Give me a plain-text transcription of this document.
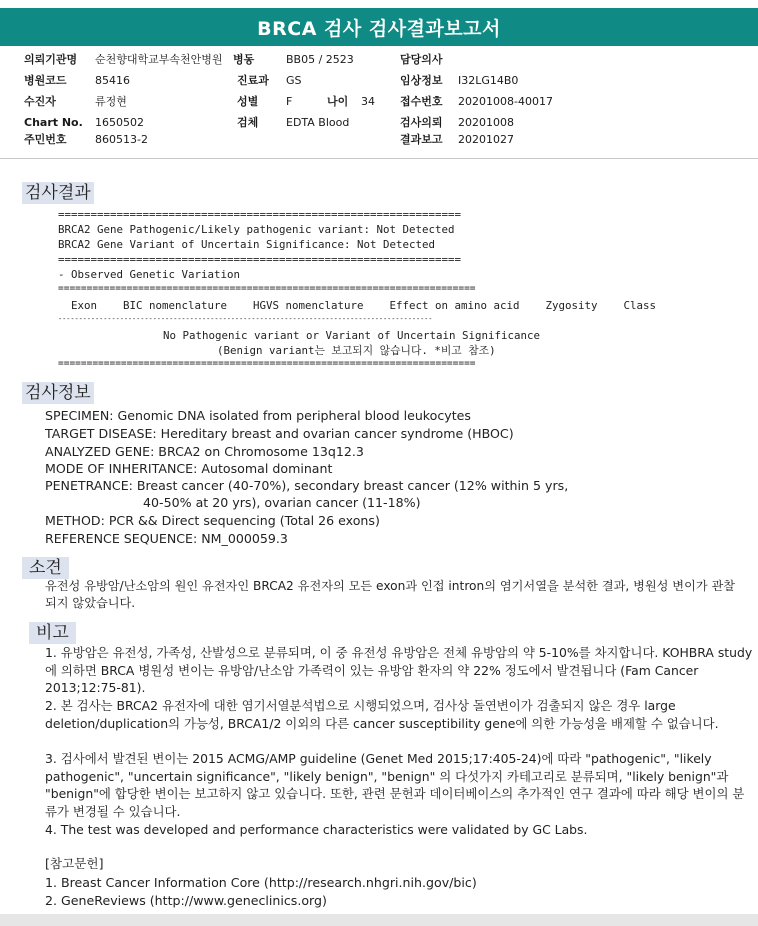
BRCA 검사 검사결과보고서
의뢰기관명 순천향대학교부속천안병원 병동	BB05 / 2523	담당의사
병원코드	85416	진료과 GS	임상정보 I32LG14B0
수진자	류정현	성별	F	나이 34 접수번호 20201008-40017
Chart No. 1650502	검체	EDTA Blood	검사의뢰 20201008
주민번호	860513-2	결과보고 20201027
검사결과
==============================================================
BRCA2 Gene Pathogenic/Likely pathogenic variant: Not Detected
BRCA2 Gene Variant of Uncertain Significance: Not Detected
==============================================================
- Observed Genetic Variation
=========================================================================
Exon    BIC nomenclature    HGVS nomenclature    Effect on amino acid    Zygosity    Class
-------------------------------------------------------------------------------------------
No Pathogenic variant or Variant of Uncertain Significance
(Benign variant는 보고되지 않습니다. *비고 참조)
=========================================================================
검사정보
SPECIMEN: Genomic DNA isolated from peripheral blood leukocytes
TARGET DISEASE: Hereditary breast and ovarian cancer syndrome (HBOC)
ANALYZED GENE: BRCA2 on Chromosome 13q12.3
MODE OF INHERITANCE: Autosomal dominant
PENETRANCE: Breast cancer (40-70%), secondary breast cancer (12% within 5 yrs,
40-50% at 20 yrs), ovarian cancer (11-18%)
METHOD: PCR && Direct sequencing (Total 26 exons)
REFERENCE SEQUENCE: NM_000059.3
소견
유전성 유방암/난소암의 원인 유전자인 BRCA2 유전자의 모든 exon과 인접 intron의 염기서열을 분석한 결과, 병원성 변이가 관찰되지 않았습니다.
비고
1. 유방암은 유전성, 가족성, 산발성으로 분류되며, 이 중 유전성 유방암은 전체 유방암의 약 5-10%를 차지합니다. KOHBRA study에 의하면 BRCA 병원성 변이는 유방암/난소암 가족력이 있는 유방암 환자의 약 22% 정도에서 발견됩니다 (Fam Cancer 2013;12:75-81).
2. 본 검사는 BRCA2 유전자에 대한 염기서열분석법으로 시행되었으며, 검사상 돌연변이가 검출되지 않은 경우 large deletion/duplication의 가능성, BRCA1/2 이외의 다른 cancer susceptibility gene에 의한 가능성을 배제할 수 없습니다.
3. 검사에서 발견된 변이는 2015 ACMG/AMP guideline (Genet Med 2015;17:405-24)에 따라 "pathogenic", "likely pathogenic", "uncertain significance", "likely benign", "benign" 의 다섯가지 카테고리로 분류되며, "likely benign"과 "benign"에 합당한 변이는 보고하지 않고 있습니다. 또한, 관련 문헌과 데이터베이스의 추가적인 연구 결과에 따라 해당 변이의 분류가 변경될 수 있습니다.
4. The test was developed and performance characteristics were validated by GC Labs.
[참고문헌]
1. Breast Cancer Information Core (http://research.nhgri.nih.gov/bic)
2. GeneReviews (http://www.geneclinics.org)
